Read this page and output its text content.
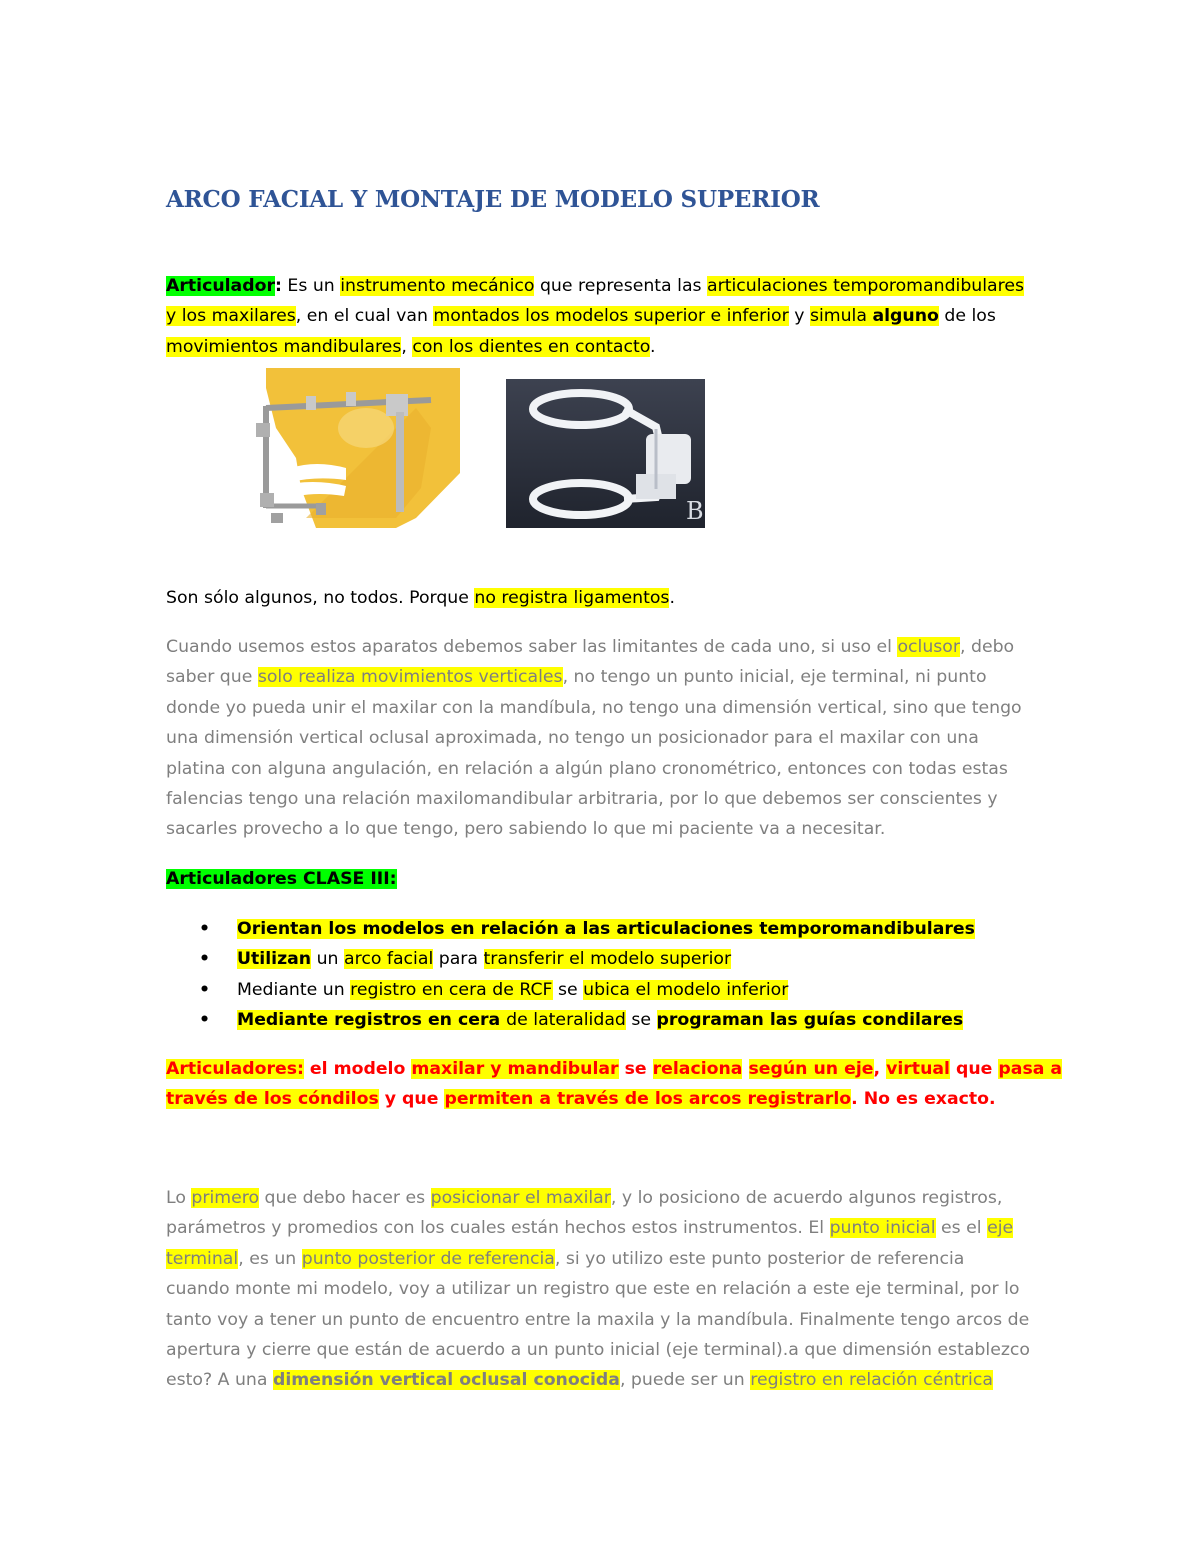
ARCO FACIAL Y MONTAJE DE MODELO SUPERIOR
Articulador: Es un instrumento mecánico que representa las articulaciones temporomandibulares
y los maxilares, en el cual van montados los modelos superior e inferior y simula alguno de los
movimientos mandibulares, con los dientes en contacto.
B
Son sólo algunos, no todos. Porque no registra ligamentos.
Cuando usemos estos aparatos debemos saber las limitantes de cada uno, si uso el oclusor, debo
saber que solo realiza movimientos verticales, no tengo un punto inicial, eje terminal, ni punto
donde yo pueda unir el maxilar con la mandíbula, no tengo una dimensión vertical, sino que tengo
una dimensión vertical oclusal aproximada, no tengo un posicionador para el maxilar con una
platina con alguna angulación, en relación a algún plano cronométrico, entonces con todas estas
falencias tengo una relación maxilomandibular arbitraria, por lo que debemos ser conscientes y
sacarles provecho a lo que tengo, pero sabiendo lo que mi paciente va a necesitar.
Articuladores CLASE III:
• Orientan los modelos en relación a las articulaciones temporomandibulares
• Utilizan un arco facial para transferir el modelo superior
• Mediante un registro en cera de RCF se ubica el modelo inferior
• Mediante registros en cera de lateralidad se programan las guías condilares
Articuladores: el modelo maxilar y mandibular se relaciona según un eje, virtual que pasa a
través de los cóndilos y que permiten a través de los arcos registrarlo. No es exacto.
Lo primero que debo hacer es posicionar el maxilar, y lo posiciono de acuerdo algunos registros,
parámetros y promedios con los cuales están hechos estos instrumentos. El punto inicial es el eje
terminal, es un punto posterior de referencia, si yo utilizo este punto posterior de referencia
cuando monte mi modelo, voy a utilizar un registro que este en relación a este eje terminal, por lo
tanto voy a tener un punto de encuentro entre la maxila y la mandíbula. Finalmente tengo arcos de
apertura y cierre que están de acuerdo a un punto inicial (eje terminal).a que dimensión establezco
esto? A una dimensión vertical oclusal conocida, puede ser un registro en relación céntrica
